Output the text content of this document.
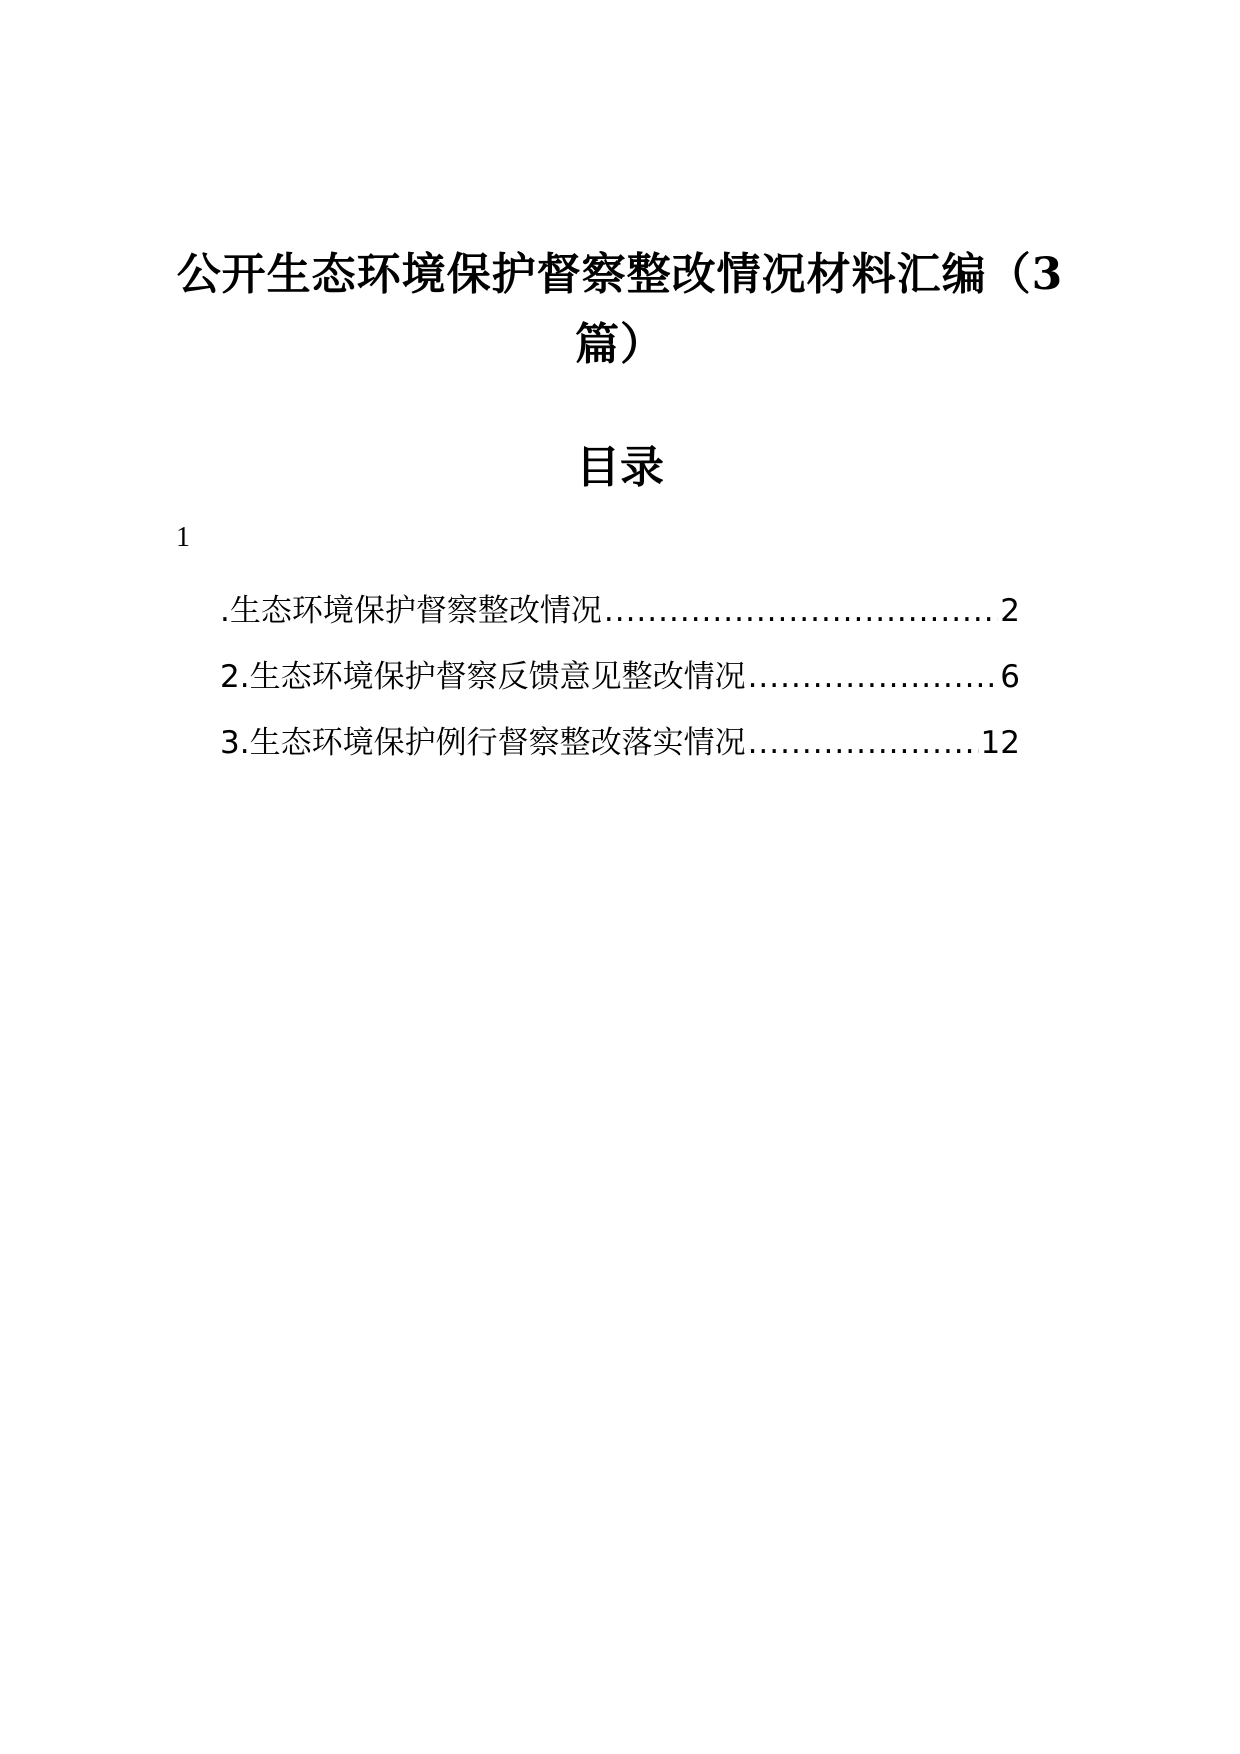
公开生态环境保护督察整改情况材料汇编（3篇）
目录
1
.生态环境保护督察整改情况 .....	2
2.生态环境保护督察反馈意见整改情况 .....	6
3.生态环境保护例行督察整改落实情况 .....	12
